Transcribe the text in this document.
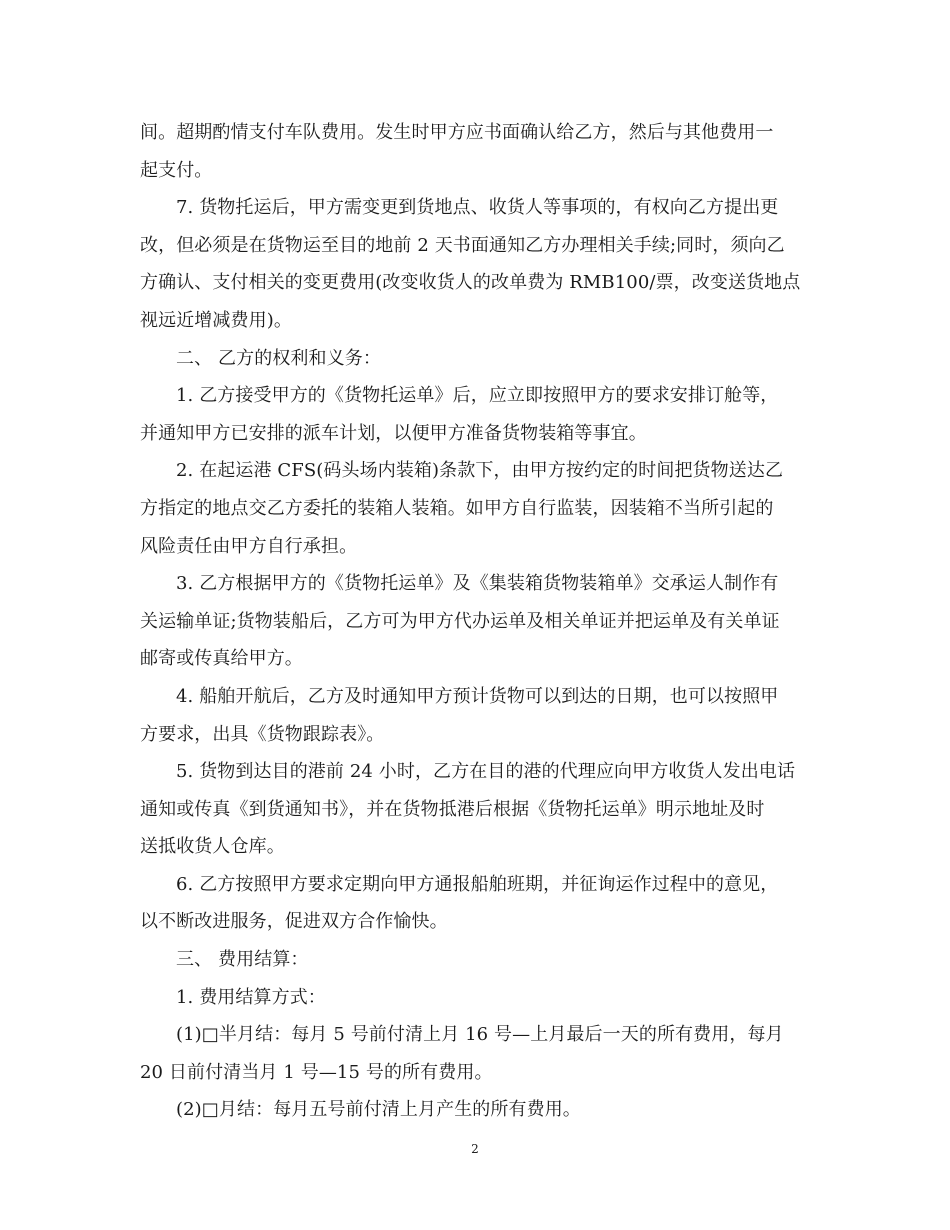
间。超期酌情支付车队费用。发生时甲方应书面确认给乙方，然后与其他费用一
起支付。
7. 货物托运后，甲方需变更到货地点、收货人等事项的，有权向乙方提出更
改，但必须是在货物运至目的地前 2 天书面通知乙方办理相关手续;同时，须向乙
方确认、支付相关的变更费用(改变收货人的改单费为 RMB100/票，改变送货地点
视远近增减费用)。
二、 乙方的权利和义务：
1. 乙方接受甲方的《货物托运单》后，应立即按照甲方的要求安排订舱等，
并通知甲方已安排的派车计划，以便甲方准备货物装箱等事宜。
2. 在起运港 CFS(码头场内装箱)条款下，由甲方按约定的时间把货物送达乙
方指定的地点交乙方委托的装箱人装箱。如甲方自行监装，因装箱不当所引起的
风险责任由甲方自行承担。
3. 乙方根据甲方的《货物托运单》及《集装箱货物装箱单》交承运人制作有
关运输单证;货物装船后，乙方可为甲方代办运单及相关单证并把运单及有关单证
邮寄或传真给甲方。
4. 船舶开航后，乙方及时通知甲方预计货物可以到达的日期，也可以按照甲
方要求，出具《货物跟踪表》。
5. 货物到达目的港前 24 小时，乙方在目的港的代理应向甲方收货人发出电话
通知或传真《到货通知书》，并在货物抵港后根据《货物托运单》明示地址及时
送抵收货人仓库。
6. 乙方按照甲方要求定期向甲方通报船舶班期，并征询运作过程中的意见，
以不断改进服务，促进双方合作愉快。
三、 费用结算：
1. 费用结算方式：
(1)□半月结：每月 5 号前付清上月 16 号—上月最后一天的所有费用，每月
20 日前付清当月 1 号—15 号的所有费用。
(2)□月结：每月五号前付清上月产生的所有费用。
2
